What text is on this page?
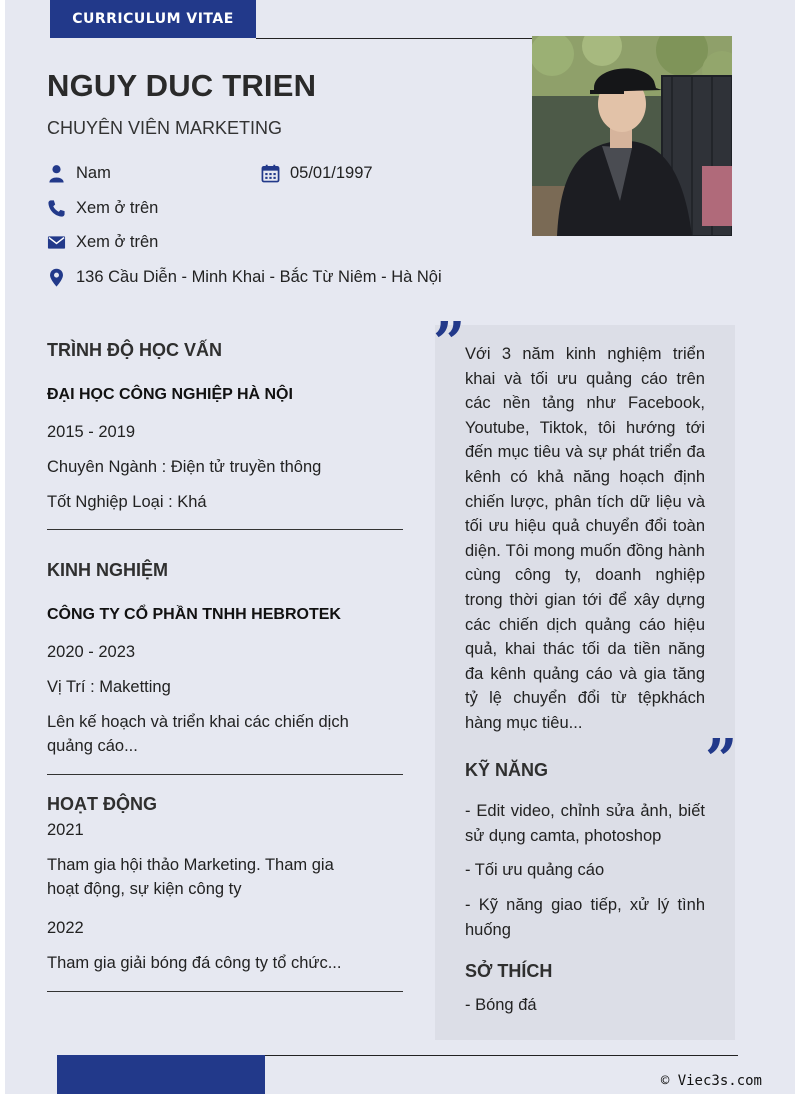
CURRICULUM VITAE
NGUY DUC TRIEN
CHUYÊN VIÊN MARKETING
Nam	05/01/1997
Xem ở trên
Xem ở trên
136 Cầu Diễn - Minh Khai - Bắc Từ Niêm - Hà Nội
TRÌNH ĐỘ HỌC VẤN
ĐẠI HỌC CÔNG NGHIỆP HÀ NỘI
2015 - 2019
Chuyên Ngành : Điện tử truyền thông
Tốt Nghiệp Loại : Khá
KINH NGHIỆM
CÔNG TY CỔ PHẦN TNHH HEBROTEK
2020 - 2023
Vị Trí : Maketting
Lên kế hoạch và triển khai các chiến dịch quảng cáo...
HOẠT ĐỘNG
2021
Tham gia hội thảo Marketing. Tham gia hoạt động, sự kiện công ty
2022
Tham gia giải bóng đá công ty tổ chức...
” Với 3 năm kinh nghiệm triển khai và tối ưu quảng cáo trên các nền tảng như Facebook, Youtube, Tiktok, tôi hướng tới đến mục tiêu và sự phát triển đa kênh có khả năng hoạch định chiến lược, phân tích dữ liệu và tối ưu hiệu quả chuyển đổi toàn diện. Tôi mong muốn đồng hành cùng công ty, doanh nghiệp trong thời gian tới để xây dựng các chiến dịch quảng cáo hiệu quả, khai thác tối da tiền năng đa kênh quảng cáo và gia tăng tỷ lệ chuyển đổi từ tệpkhách hàng mục tiêu...
”
KỸ NĂNG
- Edit video, chỉnh sửa ảnh, biết sử dụng camta, photoshop
- Tối ưu quảng cáo
- Kỹ năng giao tiếp, xử lý tình huống
SỞ THÍCH
- Bóng đá
© Viec3s.com
